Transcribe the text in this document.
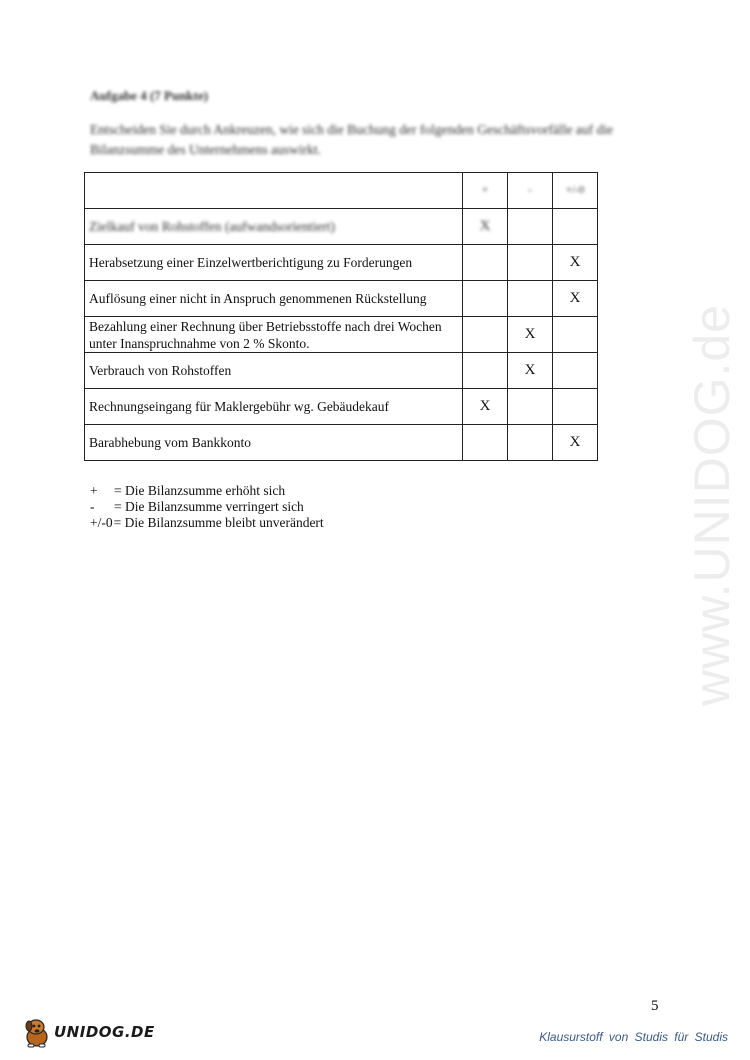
www.UNIDOG.de
Aufgabe 4 (7 Punkte)
Entscheiden Sie durch Ankreuzen, wie sich die Buchung der folgenden Geschäftsvorfälle auf die Bilanzsumme des Unternehmens auswirkt.
	+	-	+/-0
Zielkauf von Rohstoffen (aufwandsorientiert)	X		
Herabsetzung einer Einzelwertberichtigung zu Forderungen			X
Auflösung einer nicht in Anspruch genommenen Rückstellung			X
Bezahlung einer Rechnung über Betriebsstoffe nach drei Wochen unter Inanspruchnahme von 2 % Skonto.		X	
Verbrauch von Rohstoffen		X	
Rechnungseingang für Maklergebühr wg. Gebäudekauf	X		
Barabhebung vom Bankkonto			X
+	= Die Bilanzsumme erhöht sich
-	= Die Bilanzsumme verringert sich
+/-0 = Die Bilanzsumme bleibt unverändert
5
UNIDOG.DE	Klausurstoff von Studis für Studis
